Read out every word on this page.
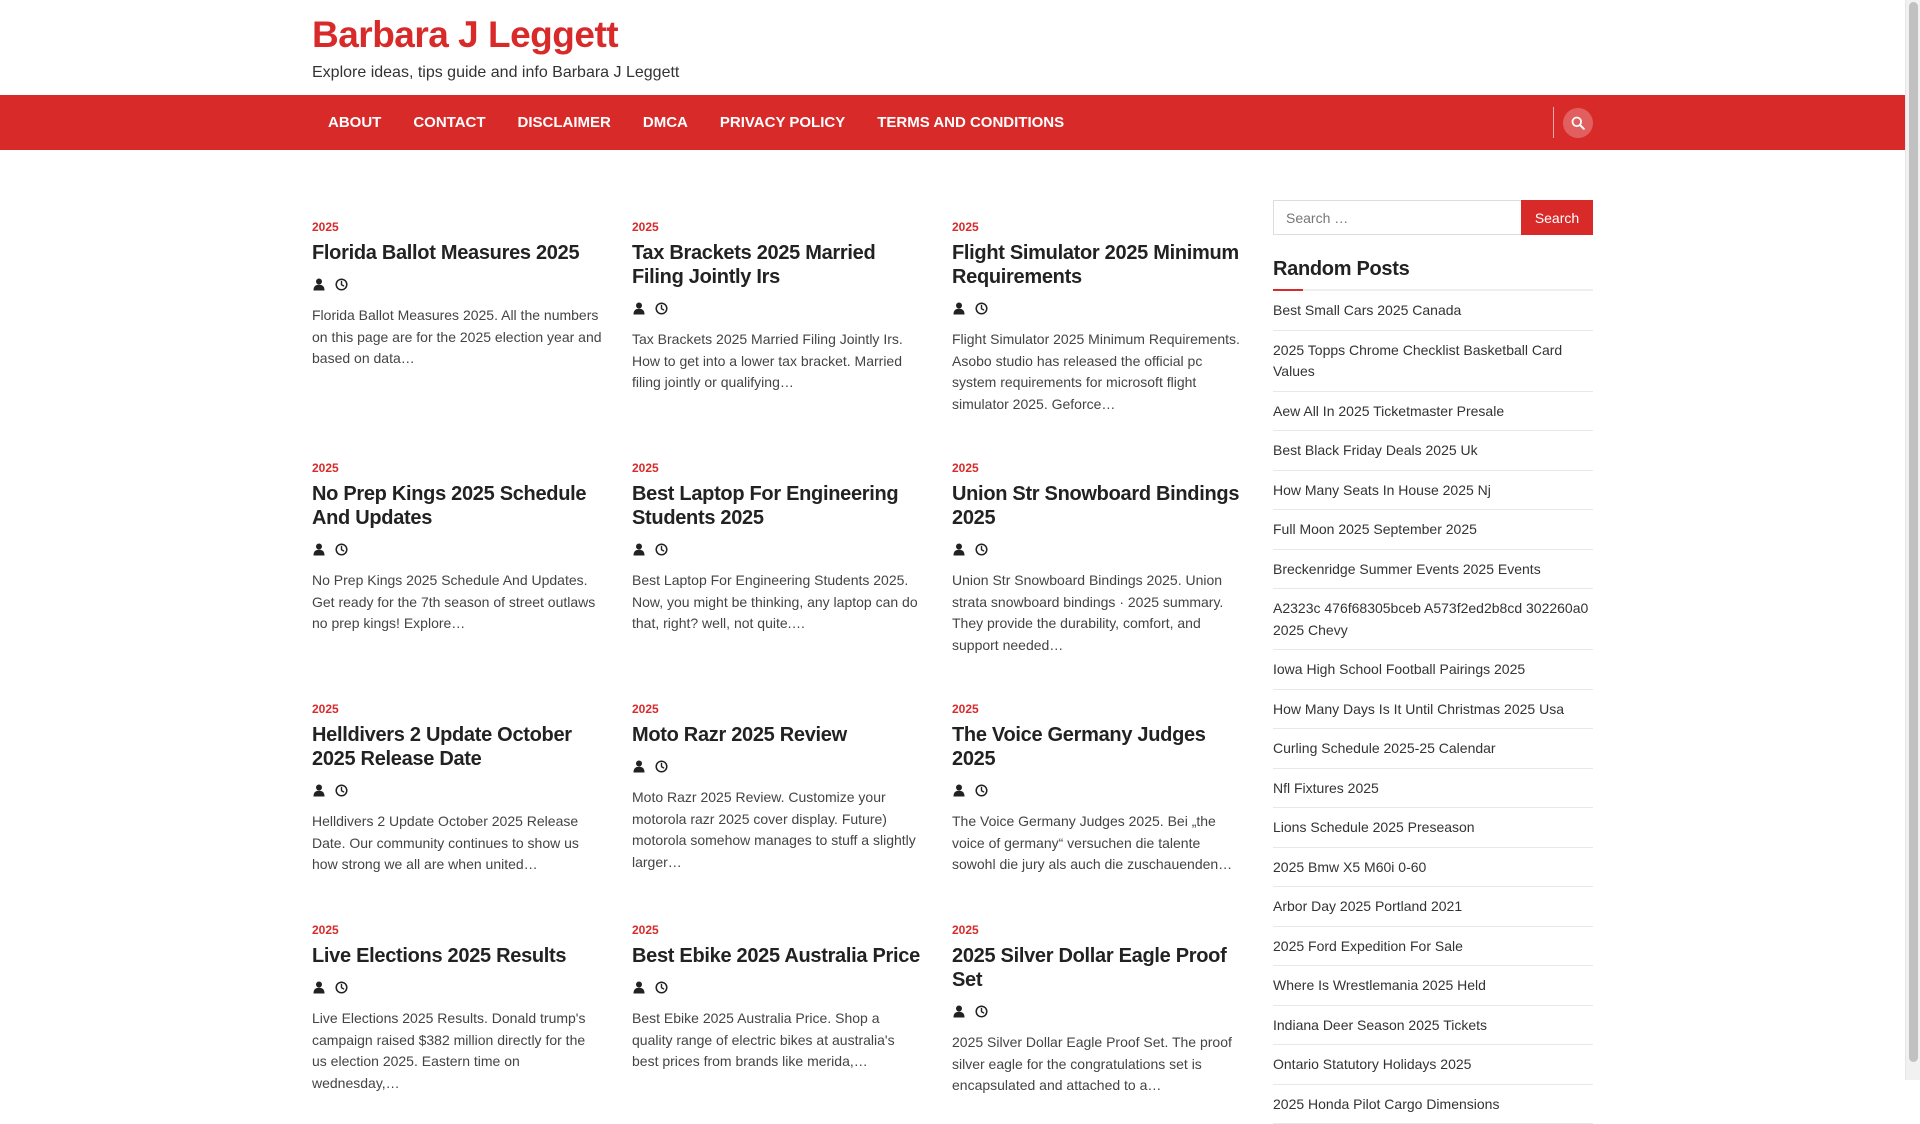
Barbara J Leggett
Explore ideas, tips guide and info Barbara J Leggett
ABOUT	CONTACT	DISCLAIMER	DMCA	PRIVACY POLICY	TERMS AND CONDITIONS
2025
Florida Ballot Measures 2025

Florida Ballot Measures 2025. All the numbers on this page are for the 2025 election year and based on data…

2025
Tax Brackets 2025 Married Filing Jointly Irs

Tax Brackets 2025 Married Filing Jointly Irs. How to get into a lower tax bracket. Married filing jointly or qualifying…

2025
Flight Simulator 2025 Minimum Requirements

Flight Simulator 2025 Minimum Requirements. Asobo studio has released the official pc system requirements for microsoft flight simulator 2025. Geforce…

2025
No Prep Kings 2025 Schedule And Updates

No Prep Kings 2025 Schedule And Updates. Get ready for the 7th season of street outlaws no prep kings! Explore…

2025
Best Laptop For Engineering Students 2025

Best Laptop For Engineering Students 2025. Now, you might be thinking, any laptop can do that, right? well, not quite.…

2025
Union Str Snowboard Bindings 2025

Union Str Snowboard Bindings 2025. Union strata snowboard bindings · 2025 summary. They provide the durability, comfort, and support needed…

2025
Helldivers 2 Update October 2025 Release Date

Helldivers 2 Update October 2025 Release Date. Our community continues to show us how strong we all are when united…

2025
Moto Razr 2025 Review

Moto Razr 2025 Review. Customize your motorola razr 2025 cover display. Future) motorola somehow manages to stuff a slightly larger…

2025
The Voice Germany Judges 2025

The Voice Germany Judges 2025. Bei „the voice of germany“ versuchen die talente sowohl die jury als auch die zuschauenden…

2025
Live Elections 2025 Results

Live Elections 2025 Results. Donald trump's campaign raised $382 million directly for the us election 2025. Eastern time on wednesday,…

2025
Best Ebike 2025 Australia Price

Best Ebike 2025 Australia Price. Shop a quality range of electric bikes at australia's best prices from brands like merida,…

2025
2025 Silver Dollar Eagle Proof Set

2025 Silver Dollar Eagle Proof Set. The proof silver eagle for the congratulations set is encapsulated and attached to a…

Search …
Search
Random Posts
Best Small Cars 2025 Canada
2025 Topps Chrome Checklist Basketball Card Values
Aew All In 2025 Ticketmaster Presale
Best Black Friday Deals 2025 Uk
How Many Seats In House 2025 Nj
Full Moon 2025 September 2025
Breckenridge Summer Events 2025 Events
A2323c 476f68305bceb A573f2ed2b8cd 302260a0 2025 Chevy
Iowa High School Football Pairings 2025
How Many Days Is It Until Christmas 2025 Usa
Curling Schedule 2025-25 Calendar
Nfl Fixtures 2025
Lions Schedule 2025 Preseason
2025 Bmw X5 M60i 0-60
Arbor Day 2025 Portland 2021
2025 Ford Expedition For Sale
Where Is Wrestlemania 2025 Held
Indiana Deer Season 2025 Tickets
Ontario Statutory Holidays 2025
2025 Honda Pilot Cargo Dimensions
